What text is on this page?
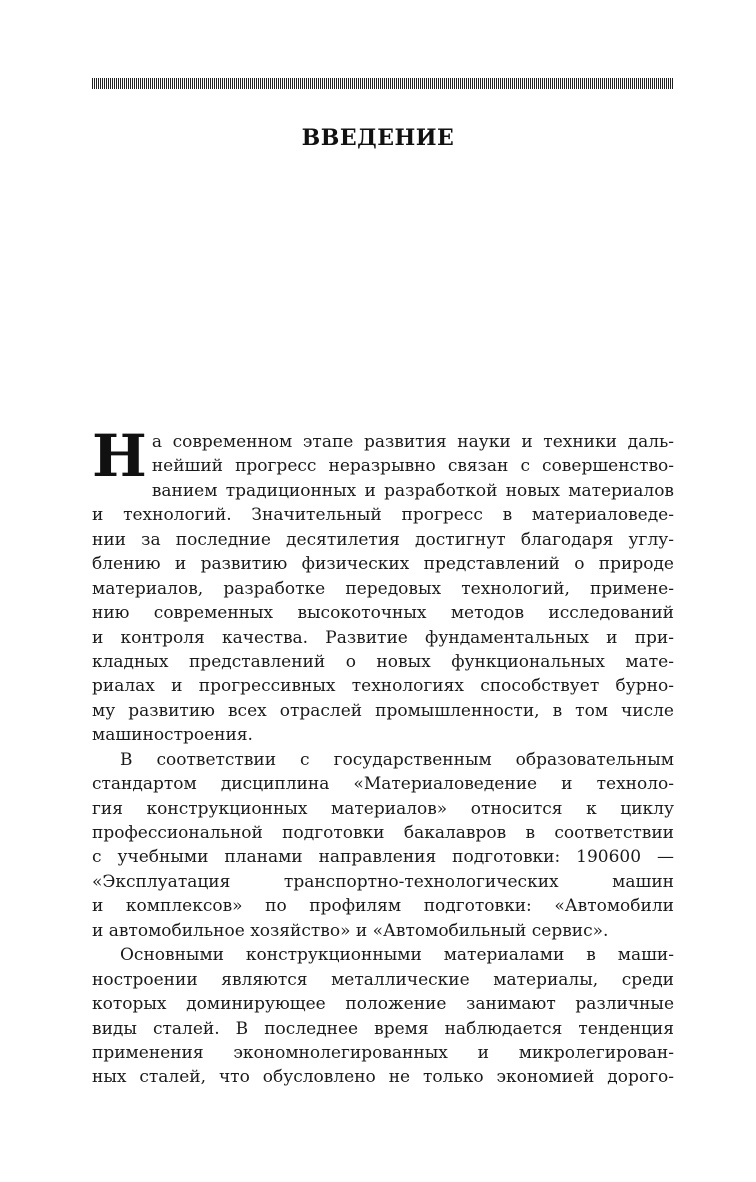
ВВЕДЕНИЕ
Н а современном этапе развития науки и техники даль-
нейший прогресс неразрывно связан с совершенство-
ванием традиционных и разработкой новых материалов
и технологий. Значительный прогресс в материаловеде-
нии за последние десятилетия достигнут благодаря углу-
блению и развитию физических представлений о природе
материалов, разработке передовых технологий, примене-
нию современных высокоточных методов исследований
и контроля качества. Развитие фундаментальных и при-
кладных представлений о новых функциональных мате-
риалах и прогрессивных технологиях способствует бурно-
му развитию всех отраслей промышленности, в том числе
машиностроения.
В соответствии с государственным образовательным
стандартом дисциплина «Материаловедение и техноло-
гия конструкционных материалов» относится к циклу
профессиональной подготовки бакалавров в соответствии
с учебными планами направления подготовки: 190600 —
«Эксплуатация транспортно-технологических машин
и комплексов» по профилям подготовки: «Автомобили
и автомобильное хозяйство» и «Автомобильный сервис».
Основными конструкционными материалами в маши-
ностроении являются металлические материалы, среди
которых доминирующее положение занимают различные
виды сталей. В последнее время наблюдается тенденция
применения экономнолегированных и микролегирован-
ных сталей, что обусловлено не только экономией дорого-
